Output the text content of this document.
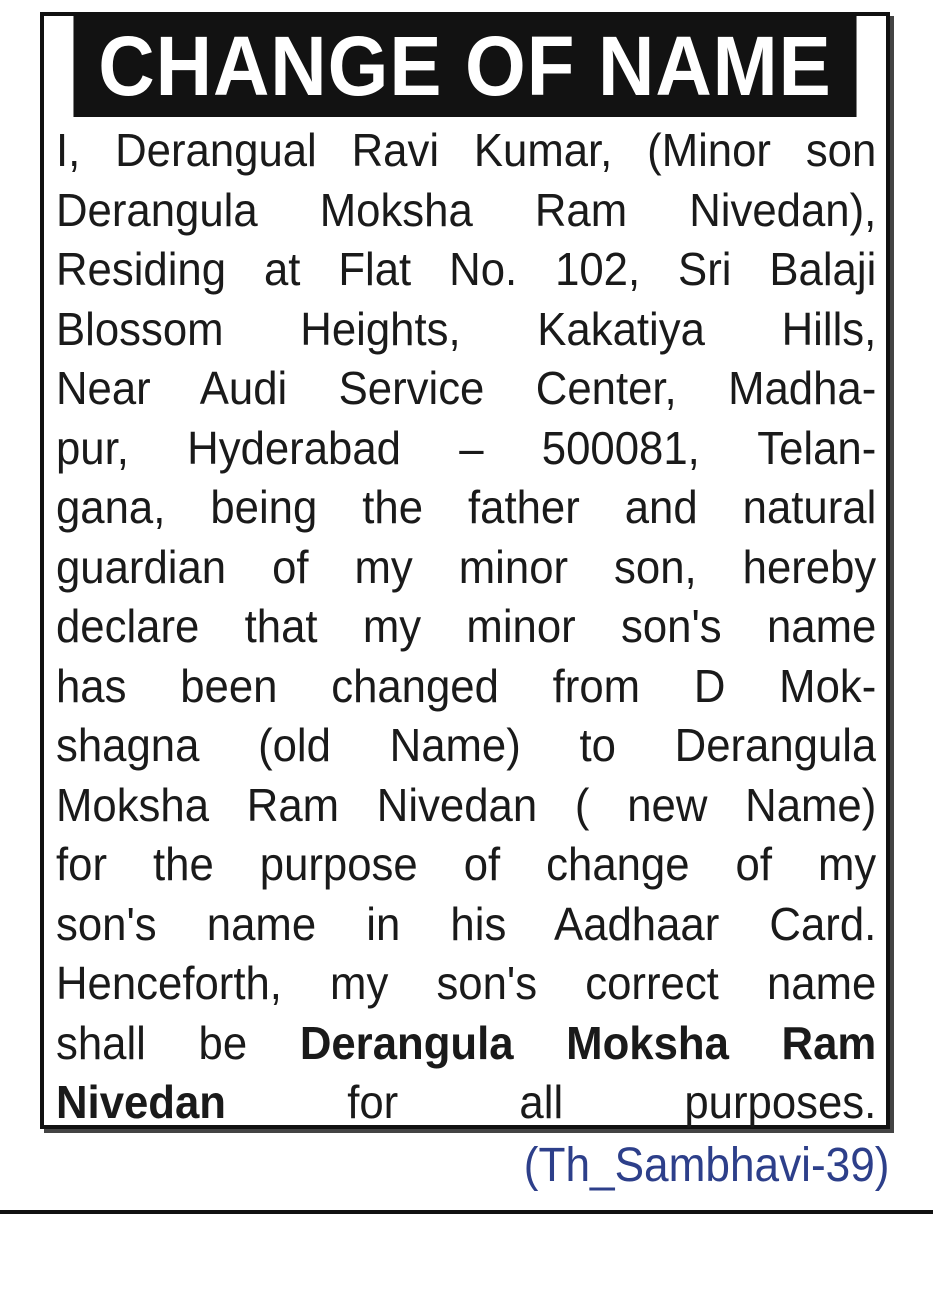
CHANGE OF NAME
I, Derangual Ravi Kumar, (Minor son
Derangula Moksha Ram Nivedan),
Residing at Flat No. 102, Sri Balaji
Blossom Heights, Kakatiya Hills,
Near Audi Service Center, Madha-
pur, Hyderabad – 500081, Telan-
gana, being the father and natural
guardian of my minor son, hereby
declare that my minor son's name
has been changed from D Mok-
shagna (old Name) to Derangula
Moksha Ram Nivedan ( new Name)
for the purpose of change of my
son's name in his Aadhaar Card.
Henceforth, my son's correct name
shall be Derangula Moksha Ram
Nivedan for all purposes.
(Th_Sambhavi-39)
